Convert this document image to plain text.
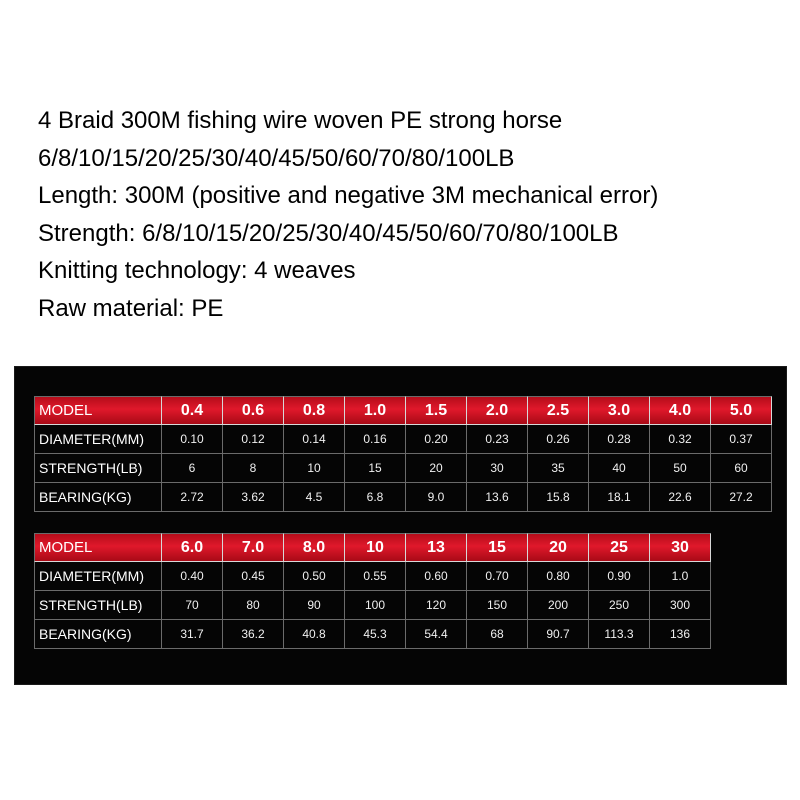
4 Braid 300M fishing wire woven PE strong horse
6/8/10/15/20/25/30/40/45/50/60/70/80/100LB
Length: 300M (positive and negative 3M mechanical error)
Strength: 6/8/10/15/20/25/30/40/45/50/60/70/80/100LB
Knitting technology: 4 weaves
Raw material: PE
MODEL	0.4	0.6	0.8	1.0	1.5	2.0	2.5	3.0	4.0	5.0
DIAMETER(MM)	0.10	0.12	0.14	0.16	0.20	0.23	0.26	0.28	0.32	0.37
STRENGTH(LB)	6	8	10	15	20	30	35	40	50	60
BEARING(KG)	2.72	3.62	4.5	6.8	9.0	13.6	15.8	18.1	22.6	27.2
MODEL	6.0	7.0	8.0	10	13	15	20	25	30
DIAMETER(MM)	0.40	0.45	0.50	0.55	0.60	0.70	0.80	0.90	1.0
STRENGTH(LB)	70	80	90	100	120	150	200	250	300
BEARING(KG)	31.7	36.2	40.8	45.3	54.4	68	90.7	113.3	136
